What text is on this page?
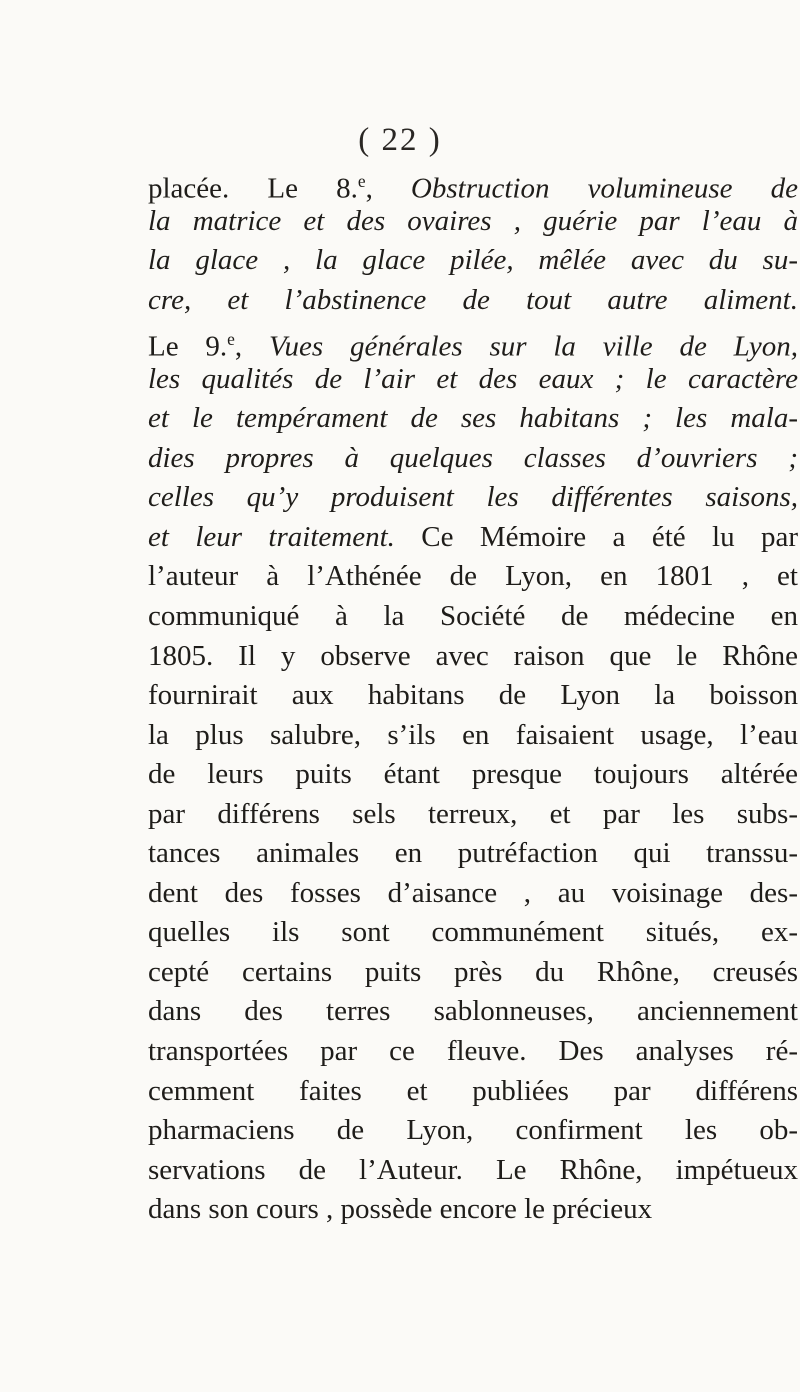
( 22 )
placée. Le 8.$^e$, Obstruction volumineuse de
la matrice et des ovaires , guérie par l’eau à
la glace , la glace pilée, mêlée avec du su-
cre, et l’abstinence de tout autre aliment.
Le 9.$^e$, Vues générales sur la ville de Lyon,
les qualités de l’air et des eaux ; le caractère
et le tempérament de ses habitans ; les mala-
dies propres à quelques classes d’ouvriers ;
celles qu’y produisent les différentes saisons,
et leur traitement. Ce Mémoire a été lu par
l’auteur à l’Athénée de Lyon, en 1801 , et
communiqué à la Société de médecine en
1805. Il y observe avec raison que le Rhône
fournirait aux habitans de Lyon la boisson
la plus salubre, s’ils en faisaient usage, l’eau
de leurs puits étant presque toujours altérée
par différens sels terreux, et par les subs-
tances animales en putréfaction qui transsu-
dent des fosses d’aisance , au voisinage des-
quelles ils sont communément situés, ex-
cepté certains puits près du Rhône, creusés
dans des terres sablonneuses, anciennement
transportées par ce fleuve. Des analyses ré-
cemment faites et publiées par différens
pharmaciens de Lyon, confirment les ob-
servations de l’Auteur. Le Rhône, impétueux
dans son cours , possède encore le précieux
